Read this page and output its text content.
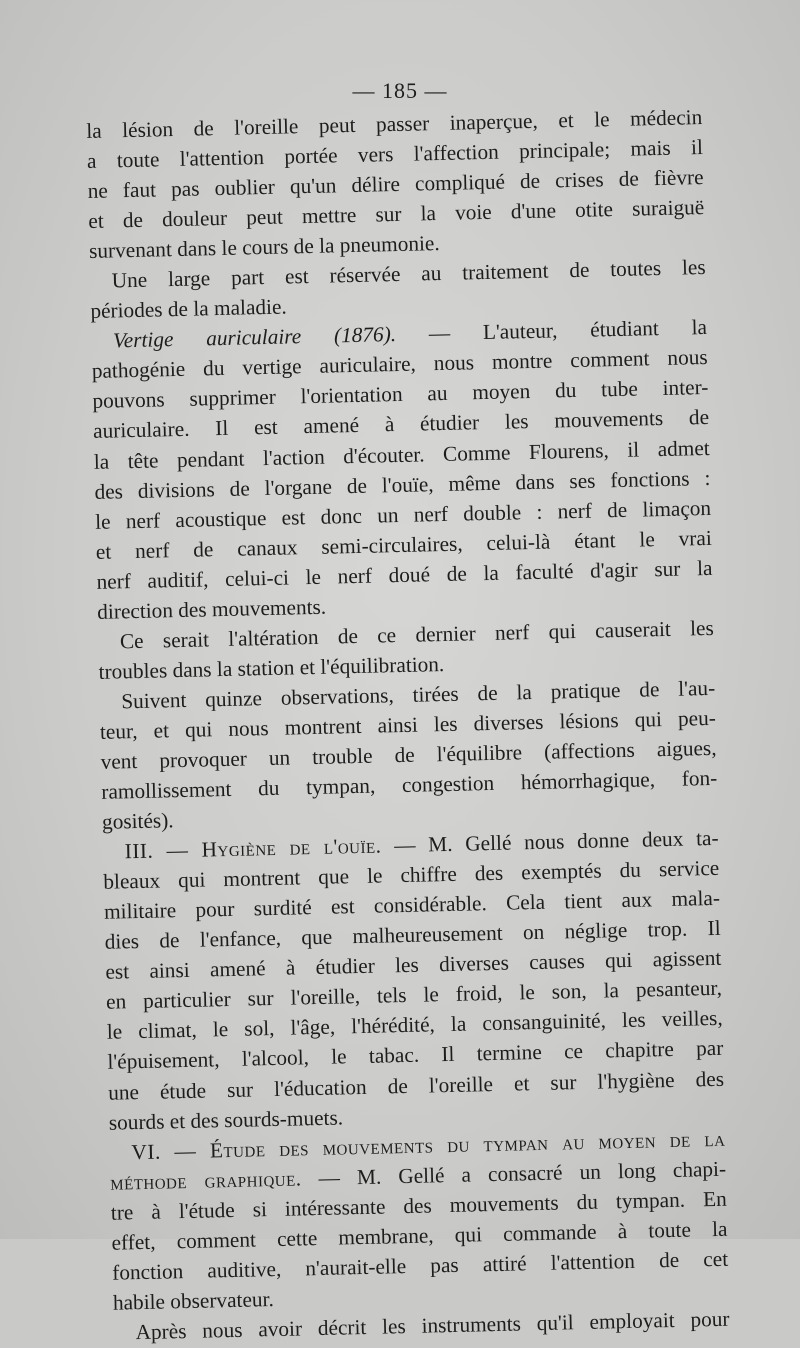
— 185 —
la lésion de l'oreille peut passer inaperçue, et le médecin
a toute l'attention portée vers l'affection principale; mais il
ne faut pas oublier qu'un délire compliqué de crises de fièvre
et de douleur peut mettre sur la voie d'une otite suraiguë
survenant dans le cours de la pneumonie.
Une large part est réservée au traitement de toutes les
périodes de la maladie.
Vertige auriculaire (1876). — L'auteur, étudiant la
pathogénie du vertige auriculaire, nous montre comment nous
pouvons supprimer l'orientation au moyen du tube inter-
auriculaire. Il est amené à étudier les mouvements de
la tête pendant l'action d'écouter. Comme Flourens, il admet
des divisions de l'organe de l'ouïe, même dans ses fonctions :
le nerf acoustique est donc un nerf double : nerf de limaçon
et nerf de canaux semi-circulaires, celui-là étant le vrai
nerf auditif, celui-ci le nerf doué de la faculté d'agir sur la
direction des mouvements.
Ce serait l'altération de ce dernier nerf qui causerait les
troubles dans la station et l'équilibration.
Suivent quinze observations, tirées de la pratique de l'au-
teur, et qui nous montrent ainsi les diverses lésions qui peu-
vent provoquer un trouble de l'équilibre (affections aigues,
ramollissement du tympan, congestion hémorrhagique, fon-
gosités).
III. — Hygiène de l'ouïe. — M. Gellé nous donne deux ta-
bleaux qui montrent que le chiffre des exemptés du service
militaire pour surdité est considérable. Cela tient aux mala-
dies de l'enfance, que malheureusement on néglige trop. Il
est ainsi amené à étudier les diverses causes qui agissent
en particulier sur l'oreille, tels le froid, le son, la pesanteur,
le climat, le sol, l'âge, l'hérédité, la consanguinité, les veilles,
l'épuisement, l'alcool, le tabac. Il termine ce chapitre par
une étude sur l'éducation de l'oreille et sur l'hygiène des
sourds et des sourds-muets.
VI. — Étude des mouvements du tympan au moyen de la
méthode graphique. — M. Gellé a consacré un long chapi-
tre à l'étude si intéressante des mouvements du tympan. En
effet, comment cette membrane, qui commande à toute la
fonction auditive, n'aurait-elle pas attiré l'attention de cet
habile observateur.
Après nous avoir décrit les instruments qu'il employait pour
